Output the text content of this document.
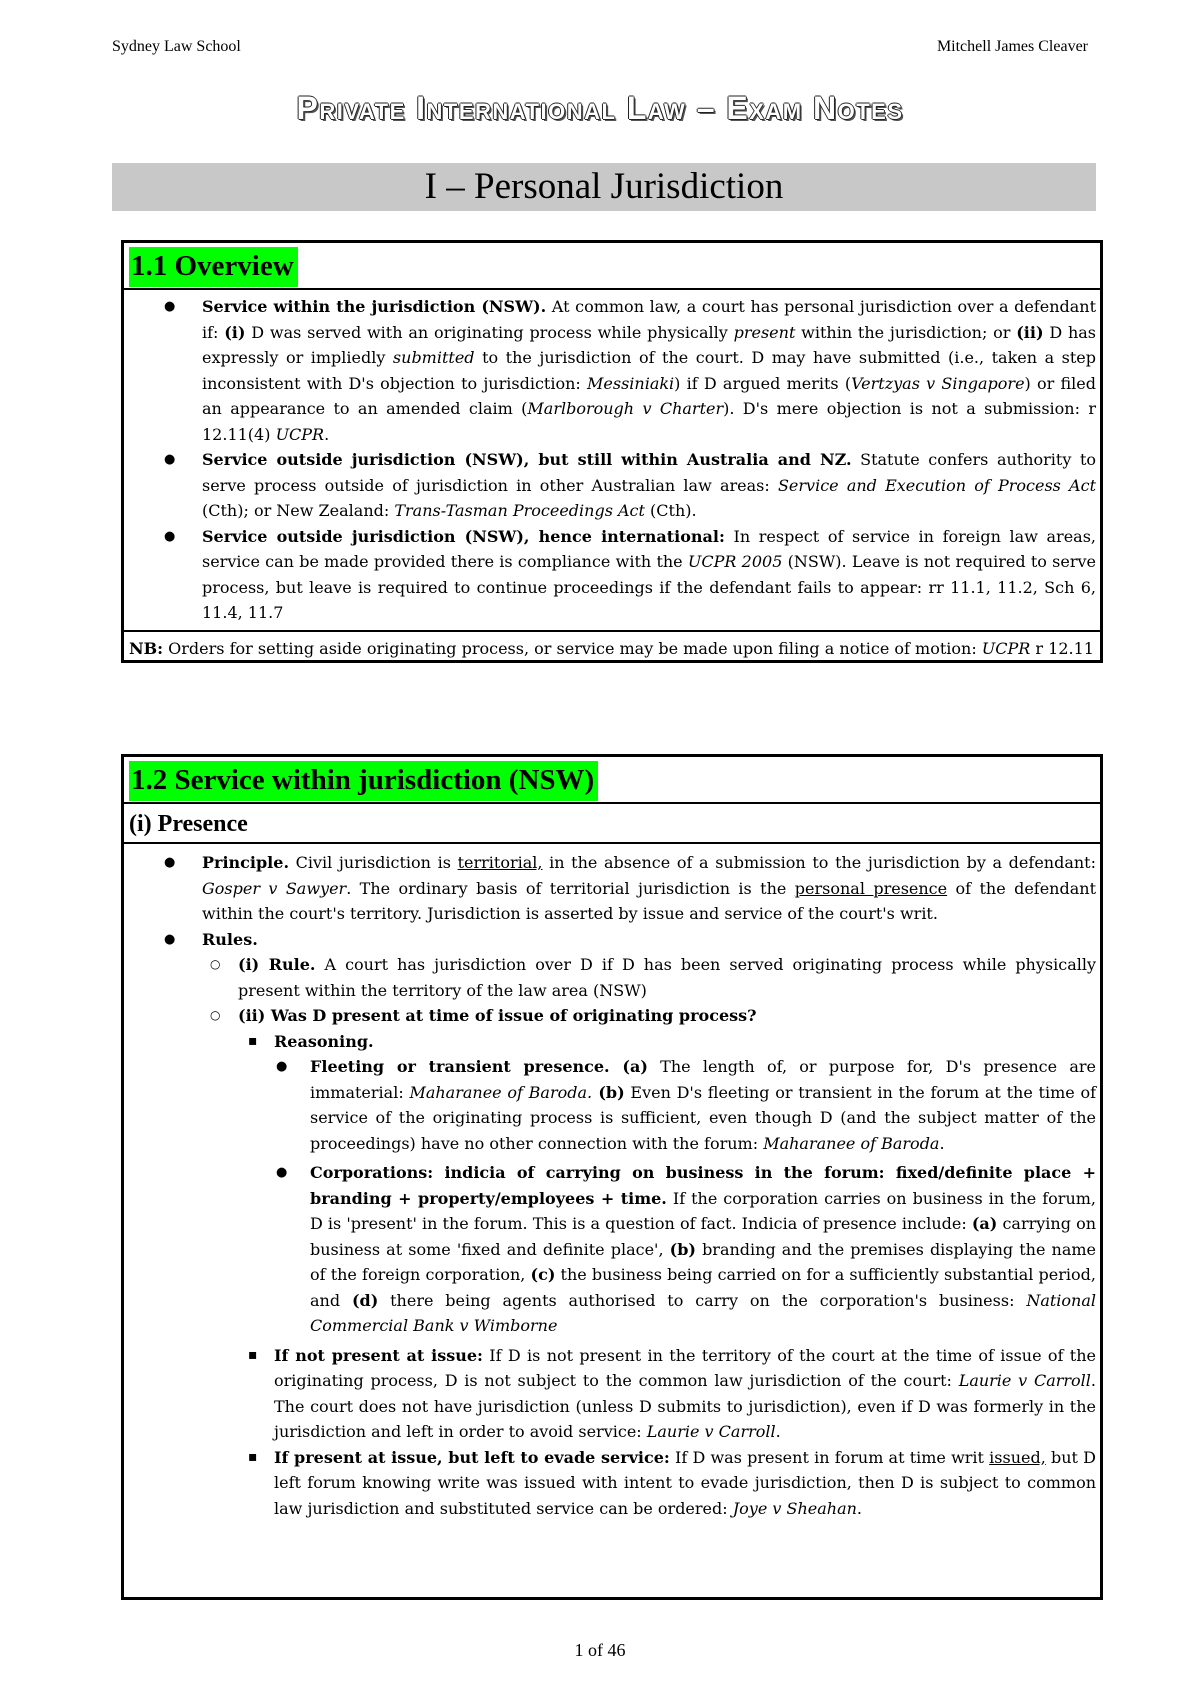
Sydney Law School	Mitchell James Cleaver
Private International Law – Exam Notes
I – Personal Jurisdiction
1.1 Overview
● Service within the jurisdiction (NSW). At common law, a court has personal jurisdiction over a defendant if: (i) D was served with an originating process while physically present within the jurisdiction; or (ii) D has expressly or impliedly submitted to the jurisdiction of the court. D may have submitted (i.e., taken a step inconsistent with D's objection to jurisdiction: Messiniaki) if D argued merits (Vertzyas v Singapore) or filed an appearance to an amended claim (Marlborough v Charter). D's mere objection is not a submission: r 12.11(4) UCPR.
● Service outside jurisdiction (NSW), but still within Australia and NZ. Statute confers authority to serve process outside of jurisdiction in other Australian law areas: Service and Execution of Process Act (Cth); or New Zealand: Trans-Tasman Proceedings Act (Cth).
● Service outside jurisdiction (NSW), hence international: In respect of service in foreign law areas, service can be made provided there is compliance with the UCPR 2005 (NSW). Leave is not required to serve process, but leave is required to continue proceedings if the defendant fails to appear: rr 11.1, 11.2, Sch 6, 11.4, 11.7
NB: Orders for setting aside originating process, or service may be made upon filing a notice of motion: UCPR r 12.11
1.2 Service within jurisdiction (NSW)
(i) Presence
● Principle. Civil jurisdiction is territorial, in the absence of a submission to the jurisdiction by a defendant: Gosper v Sawyer. The ordinary basis of territorial jurisdiction is the personal presence of the defendant within the court's territory. Jurisdiction is asserted by issue and service of the court's writ.
● Rules.
○ (i) Rule. A court has jurisdiction over D if D has been served originating process while physically present within the territory of the law area (NSW)
○ (ii) Was D present at time of issue of originating process?
▪ Reasoning.
● Fleeting or transient presence. (a) The length of, or purpose for, D's presence are immaterial: Maharanee of Baroda. (b) Even D's fleeting or transient in the forum at the time of service of the originating process is sufficient, even though D (and the subject matter of the proceedings) have no other connection with the forum: Maharanee of Baroda.
● Corporations: indicia of carrying on business in the forum: fixed/definite place + branding + property/employees + time. If the corporation carries on business in the forum, D is 'present' in the forum. This is a question of fact. Indicia of presence include: (a) carrying on business at some 'fixed and definite place', (b) branding and the premises displaying the name of the foreign corporation, (c) the business being carried on for a sufficiently substantial period, and (d) there being agents authorised to carry on the corporation's business: National Commercial Bank v Wimborne
▪ If not present at issue: If D is not present in the territory of the court at the time of issue of the originating process, D is not subject to the common law jurisdiction of the court: Laurie v Carroll. The court does not have jurisdiction (unless D submits to jurisdiction), even if D was formerly in the jurisdiction and left in order to avoid service: Laurie v Carroll.
▪ If present at issue, but left to evade service: If D was present in forum at time writ issued, but D left forum knowing write was issued with intent to evade jurisdiction, then D is subject to common law jurisdiction and substituted service can be ordered: Joye v Sheahan.
1 of 46
